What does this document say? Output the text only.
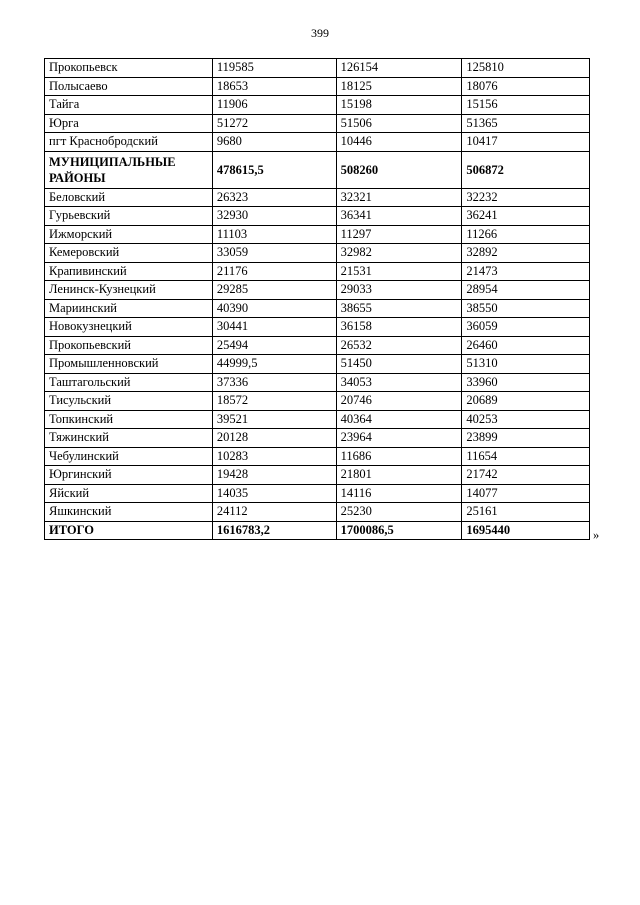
399
Прокопьевск	119585	126154	125810
Полысаево	18653	18125	18076
Тайга	11906	15198	15156
Юрга	51272	51506	51365
пгт Краснобродский	9680	10446	10417
МУНИЦИПАЛЬНЫЕ РАЙОНЫ	478615,5	508260	506872
Беловский	26323	32321	32232
Гурьевский	32930	36341	36241
Ижморский	11103	11297	11266
Кемеровский	33059	32982	32892
Крапивинский	21176	21531	21473
Ленинск-Кузнецкий	29285	29033	28954
Мариинский	40390	38655	38550
Новокузнецкий	30441	36158	36059
Прокопьевский	25494	26532	26460
Промышленновский	44999,5	51450	51310
Таштагольский	37336	34053	33960
Тисульский	18572	20746	20689
Топкинский	39521	40364	40253
Тяжинский	20128	23964	23899
Чебулинский	10283	11686	11654
Юргинский	19428	21801	21742
Яйский	14035	14116	14077
Яшкинский	24112	25230	25161
ИТОГО	1616783,2	1700086,5	1695440	»
